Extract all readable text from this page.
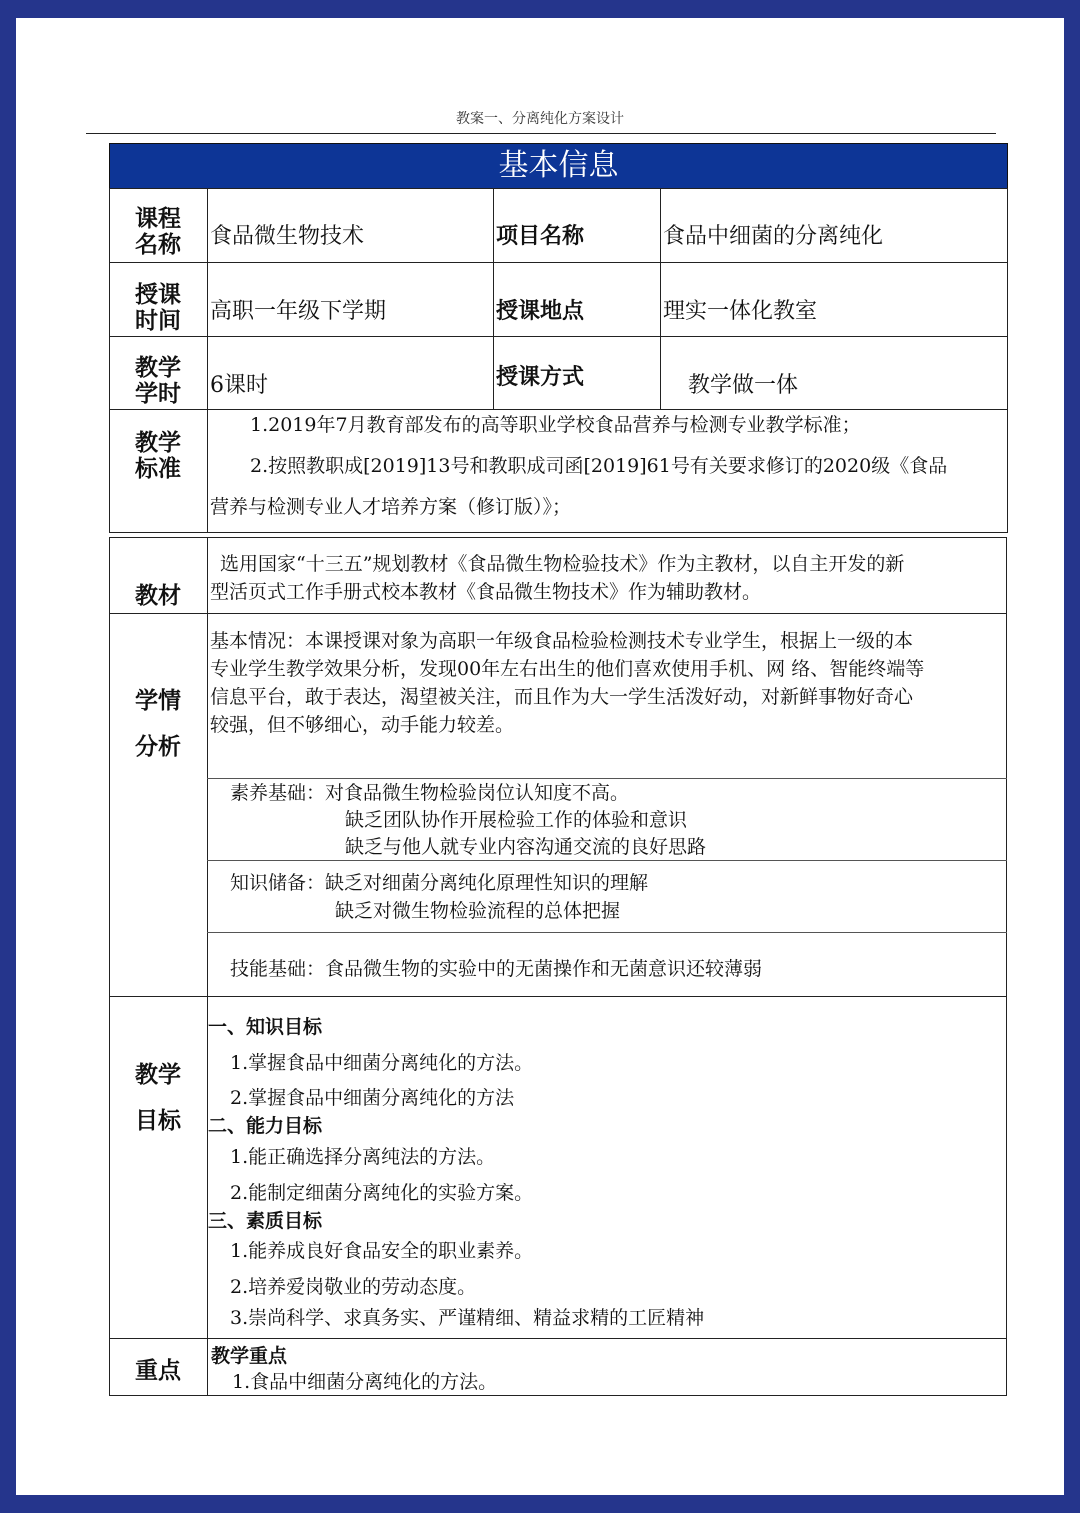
教案一、分离纯化方案设计
基本信息
课程
名称	食品微生物技术	项目名称	食品中细菌的分离纯化
授课
时间	高职一年级下学期	授课地点	理实一体化教室
教学
学时	6课时	授课方式	教学做一体
教学
标准
1.2019年7月教育部发布的高等职业学校食品营养与检测专业教学标准；
2.按照教职成[2019]13号和教职成司函[2019]61号有关要求修订的2020级《食品
营养与检测专业人才培养方案（修订版）》；
教材
选用国家“十三五”规划教材《食品微生物检验技术》作为主教材，以自主开发的新
型活页式工作手册式校本教材《食品微生物技术》作为辅助教材。
学情
分析
基本情况：本课授课对象为高职一年级食品检验检测技术专业学生，根据上一级的本
专业学生教学效果分析，发现00年左右出生的他们喜欢使用手机、网 络、智能终端等
信息平台，敢于表达，渴望被关注，而且作为大一学生活泼好动，对新鲜事物好奇心
较强，但不够细心，动手能力较差。
素养基础：对食品微生物检验岗位认知度不高。
缺乏团队协作开展检验工作的体验和意识
缺乏与他人就专业内容沟通交流的良好思路
知识储备：缺乏对细菌分离纯化原理性知识的理解
缺乏对微生物检验流程的总体把握
技能基础：食品微生物的实验中的无菌操作和无菌意识还较薄弱
教学
目标
一、知识目标
1.掌握食品中细菌分离纯化的方法。
2.掌握食品中细菌分离纯化的方法
二、能力目标
1.能正确选择分离纯法的方法。
2.能制定细菌分离纯化的实验方案。
三、素质目标
1.能养成良好食品安全的职业素养。
2.培养爱岗敬业的劳动态度。
3.崇尚科学、求真务实、严谨精细、精益求精的工匠精神
重点
教学重点
1.食品中细菌分离纯化的方法。
